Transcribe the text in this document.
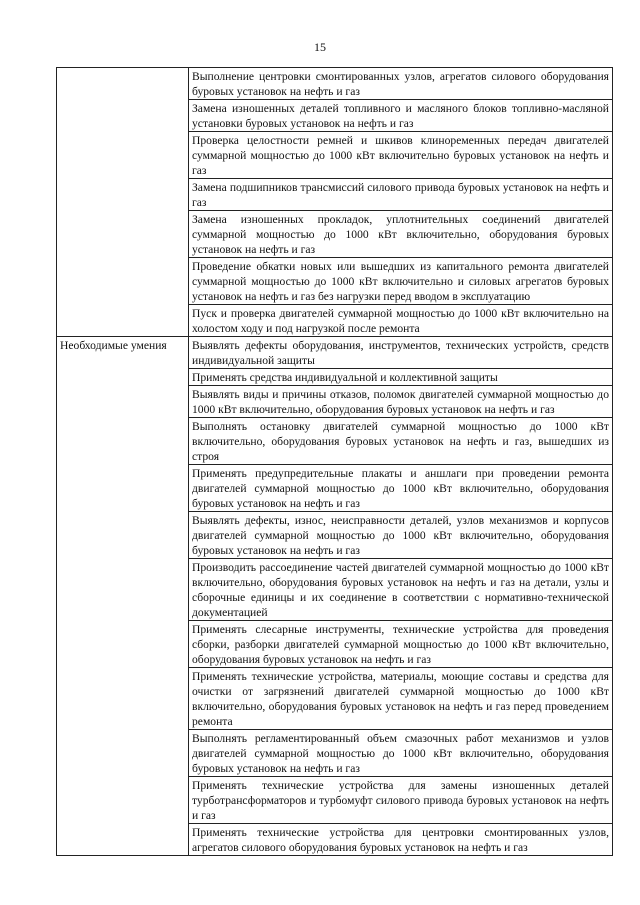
15
	Выполнение центровки смонтированных узлов, агрегатов силового оборудования буровых установок на нефть и газ
	Замена изношенных деталей топливного и масляного блоков топливно-масляной установки буровых установок на нефть и газ
	Проверка целостности ремней и шкивов клиноременных передач двигателей суммарной мощностью до 1000 кВт включительно буровых установок на нефть и газ
	Замена подшипников трансмиссий силового привода буровых установок на нефть и газ
	Замена изношенных прокладок, уплотнительных соединений двигателей суммарной мощностью до 1000 кВт включительно, оборудования буровых установок на нефть и газ
	Проведение обкатки новых или вышедших из капитального ремонта двигателей суммарной мощностью до 1000 кВт включительно и силовых агрегатов буровых установок на нефть и газ без нагрузки перед вводом в эксплуатацию
	Пуск и проверка двигателей суммарной мощностью до 1000 кВт включительно на холостом ходу и под нагрузкой после ремонта
Необходимые умения	Выявлять дефекты оборудования, инструментов, технических устройств, средств индивидуальной защиты
	Применять средства индивидуальной и коллективной защиты
	Выявлять виды и причины отказов, поломок двигателей суммарной мощностью до 1000 кВт включительно, оборудования буровых установок на нефть и газ
	Выполнять остановку двигателей суммарной мощностью до 1000 кВт включительно, оборудования буровых установок на нефть и газ, вышедших из строя
	Применять предупредительные плакаты и аншлаги при проведении ремонта двигателей суммарной мощностью до 1000 кВт включительно, оборудования буровых установок на нефть и газ
	Выявлять дефекты, износ, неисправности деталей, узлов механизмов и корпусов двигателей суммарной мощностью до 1000 кВт включительно, оборудования буровых установок на нефть и газ
	Производить рассоединение частей двигателей суммарной мощностью до 1000 кВт включительно, оборудования буровых установок на нефть и газ на детали, узлы и сборочные единицы и их соединение в соответствии с нормативно-технической документацией
	Применять слесарные инструменты, технические устройства для проведения сборки, разборки двигателей суммарной мощностью до 1000 кВт включительно, оборудования буровых установок на нефть и газ
	Применять технические устройства, материалы, моющие составы и средства для очистки от загрязнений двигателей суммарной мощностью до 1000 кВт включительно, оборудования буровых установок на нефть и газ перед проведением ремонта
	Выполнять регламентированный объем смазочных работ механизмов и узлов двигателей суммарной мощностью до 1000 кВт включительно, оборудования буровых установок на нефть и газ
	Применять технические устройства для замены изношенных деталей турботрансформаторов и турбомуфт силового привода буровых установок на нефть и газ
	Применять технические устройства для центровки смонтированных узлов, агрегатов силового оборудования буровых установок на нефть и газ
